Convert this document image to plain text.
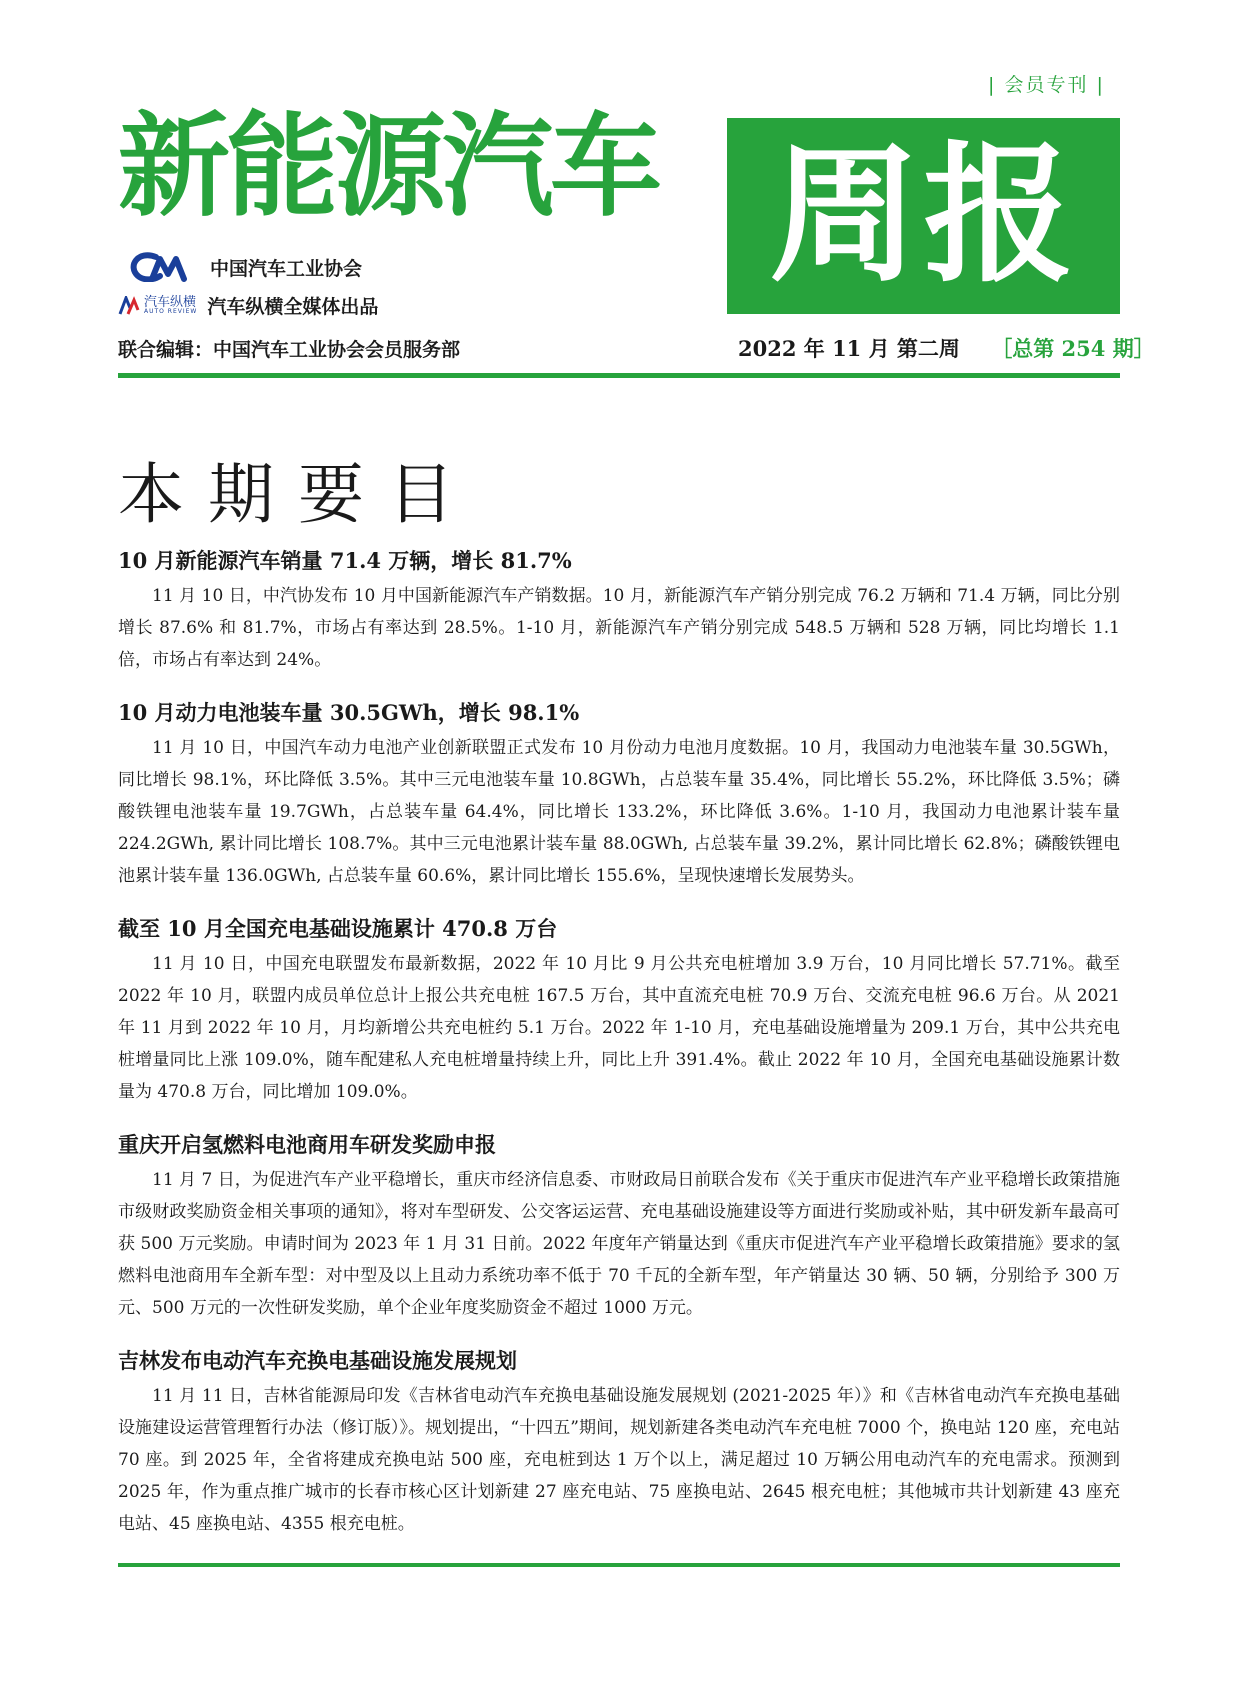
| 会员专刊 |
新能源汽车 周报
中国汽车工业协会
汽车纵横
AUTO REVIEW 汽车纵横全媒体出品
联合编辑：中国汽车工业协会会员服务部	2022 年 11 月 第二周 ［总第 254 期］
本期要目
10 月新能源汽车销量 71.4 万辆，增长 81.7%

11 月 10 日，中汽协发布 10 月中国新能源汽车产销数据。10 月，新能源汽车产销分别完成 76.2 万辆和 71.4 万辆，同比分别增长 87.6% 和 81.7%，市场占有率达到 28.5%。1-10 月，新能源汽车产销分别完成 548.5 万辆和 528 万辆，同比均增长 1.1 倍，市场占有率达到 24%。

10 月动力电池装车量 30.5GWh，增长 98.1%

11 月 10 日，中国汽车动力电池产业创新联盟正式发布 10 月份动力电池月度数据。10 月，我国动力电池装车量 30.5GWh，同比增长 98.1%，环比降低 3.5%。其中三元电池装车量 10.8GWh，占总装车量 35.4%，同比增长 55.2%，环比降低 3.5%；磷酸铁锂电池装车量 19.7GWh，占总装车量 64.4%，同比增长 133.2%，环比降低 3.6%。1-10 月，我国动力电池累计装车量 224.2GWh, 累计同比增长 108.7%。其中三元电池累计装车量 88.0GWh, 占总装车量 39.2%，累计同比增长 62.8%；磷酸铁锂电池累计装车量 136.0GWh, 占总装车量 60.6%，累计同比增长 155.6%，呈现快速增长发展势头。

截至 10 月全国充电基础设施累计 470.8 万台

11 月 10 日，中国充电联盟发布最新数据，2022 年 10 月比 9 月公共充电桩增加 3.9 万台，10 月同比增长 57.71%。截至 2022 年 10 月，联盟内成员单位总计上报公共充电桩 167.5 万台，其中直流充电桩 70.9 万台、交流充电桩 96.6 万台。从 2021 年 11 月到 2022 年 10 月，月均新增公共充电桩约 5.1 万台。2022 年 1-10 月，充电基础设施增量为 209.1 万台，其中公共充电桩增量同比上涨 109.0%，随车配建私人充电桩增量持续上升，同比上升 391.4%。截止 2022 年 10 月，全国充电基础设施累计数量为 470.8 万台，同比增加 109.0%。

重庆开启氢燃料电池商用车研发奖励申报

11 月 7 日，为促进汽车产业平稳增长，重庆市经济信息委、市财政局日前联合发布《关于重庆市促进汽车产业平稳增长政策措施市级财政奖励资金相关事项的通知》，将对车型研发、公交客运运营、充电基础设施建设等方面进行奖励或补贴，其中研发新车最高可获 500 万元奖励。申请时间为 2023 年 1 月 31 日前。2022 年度年产销量达到《重庆市促进汽车产业平稳增长政策措施》要求的氢燃料电池商用车全新车型：对中型及以上且动力系统功率不低于 70 千瓦的全新车型，年产销量达 30 辆、50 辆，分别给予 300 万元、500 万元的一次性研发奖励，单个企业年度奖励资金不超过 1000 万元。

吉林发布电动汽车充换电基础设施发展规划

11 月 11 日，吉林省能源局印发《吉林省电动汽车充换电基础设施发展规划 (2021-2025 年）》和《吉林省电动汽车充换电基础设施建设运营管理暂行办法（修订版）》。规划提出，“十四五”期间，规划新建各类电动汽车充电桩 7000 个，换电站 120 座，充电站 70 座。到 2025 年，全省将建成充换电站 500 座，充电桩到达 1 万个以上，满足超过 10 万辆公用电动汽车的充电需求。预测到 2025 年，作为重点推广城市的长春市核心区计划新建 27 座充电站、75 座换电站、2645 根充电桩；其他城市共计划新建 43 座充电站、45 座换电站、4355 根充电桩。
